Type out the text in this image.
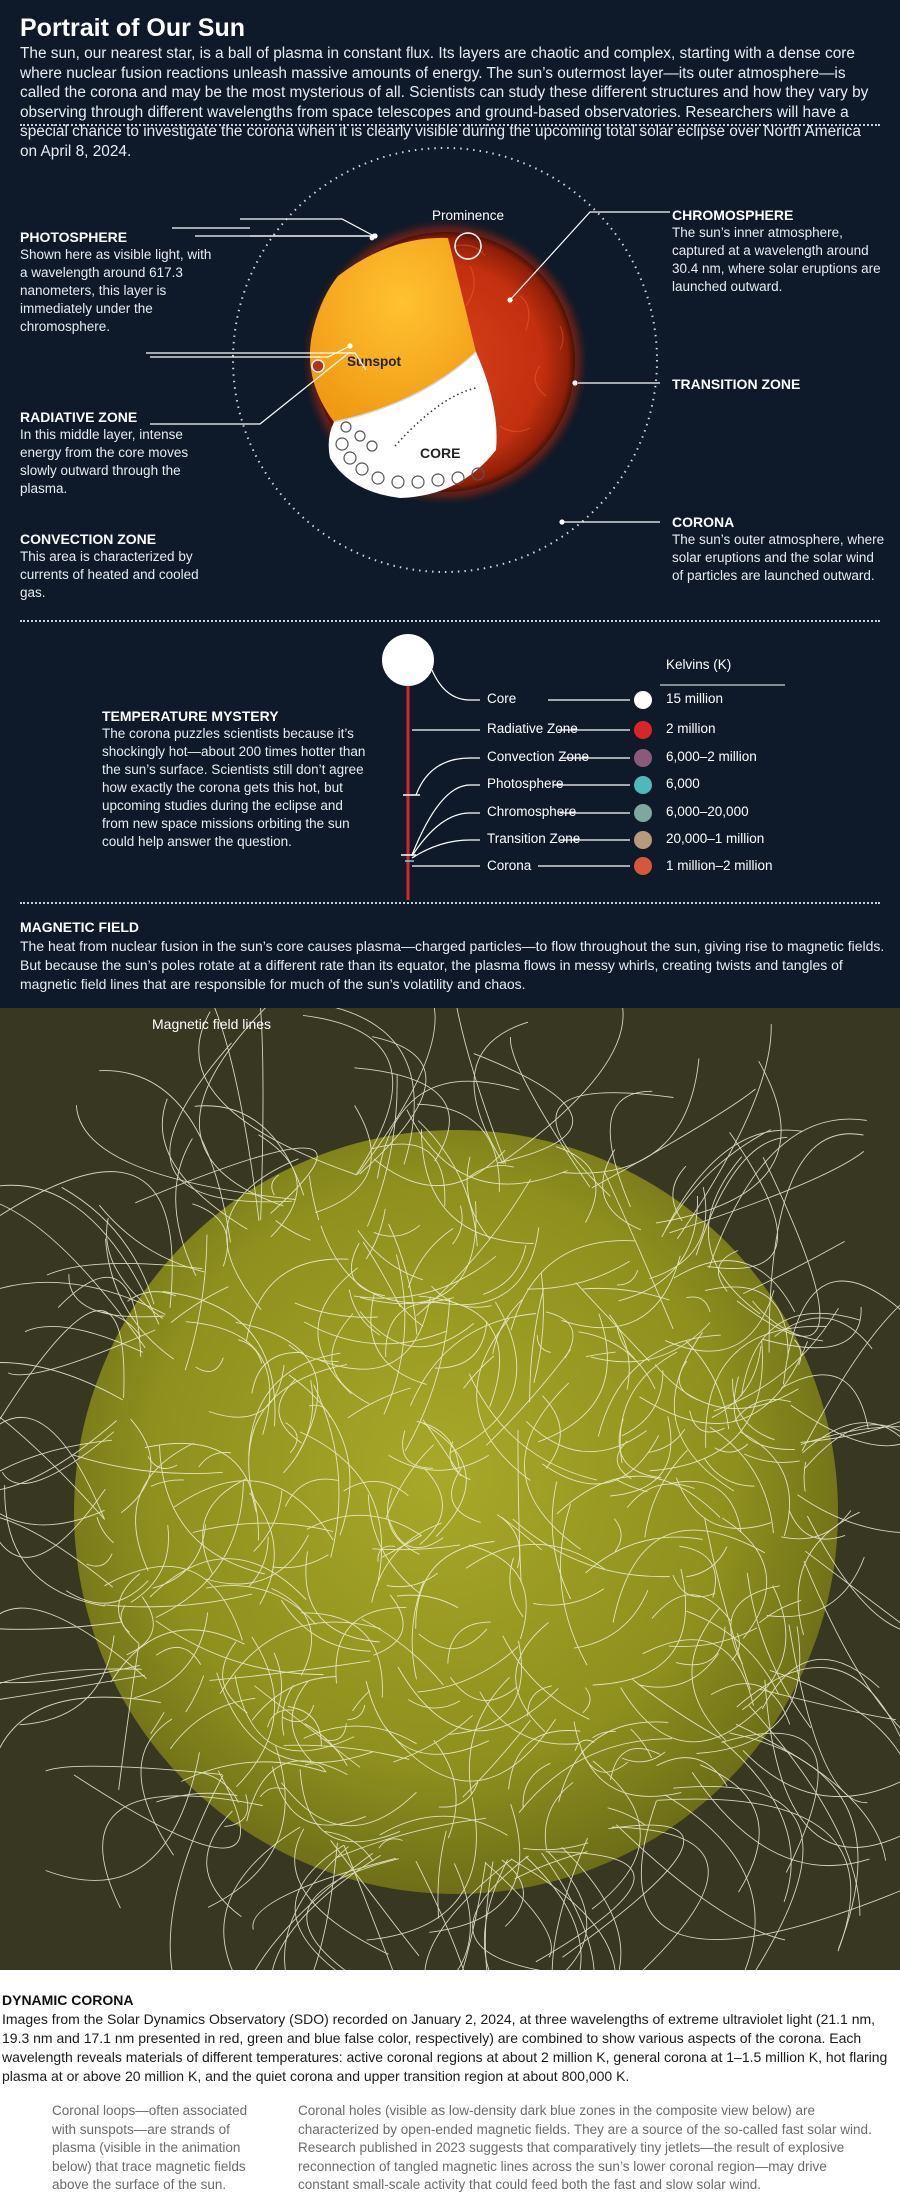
Portrait of Our Sun
The sun, our nearest star, is a ball of plasma in constant flux. Its layers are chaotic and complex, starting with a dense core where nuclear fusion reactions unleash massive amounts of energy. The sun’s outermost layer—its outer atmosphere—is called the corona and may be the most mysterious of all. Scientists can study these different structures and how they vary by observing through different wavelengths from space telescopes and ground-based observatories. Researchers will have a special chance to investigate the corona when it is clearly visible during the upcoming total solar eclipse over North America on April 8, 2024.
CORE
Sunspot
Prominence
PHOTOSPHERE
Shown here as visible light, with a wavelength around 617.3 nanometers, this layer is immediately under the chromosphere.
RADIATIVE ZONE
In this middle layer, intense energy from the core moves slowly outward through the plasma.
CONVECTION ZONE
This area is characterized by currents of heated and cooled gas.
CHROMOSPHERE
The sun’s inner atmosphere, captured at a wavelength around 30.4 nm, where solar eruptions are launched outward.
TRANSITION ZONE
CORONA
The sun’s outer atmosphere, where solar eruptions and the solar wind of particles are launched outward.
TEMPERATURE MYSTERY
The corona puzzles scientists because it’s shockingly hot—about 200 times hotter than the sun’s surface. Scientists still don’t agree how exactly the corona gets this hot, but upcoming studies during the eclipse and from new space missions orbiting the sun could help answer the question.
Kelvins (K)
Core
Radiative Zone
Convection Zone
Photosphere
Chromosphere
Transition Zone
Corona
15 million
2 million
6,000–2 million
6,000
6,000–20,000
20,000–1 million
1 million–2 million
MAGNETIC FIELD
The heat from nuclear fusion in the sun’s core causes plasma—charged particles—to flow throughout the sun, giving rise to magnetic fields. But because the sun’s poles rotate at a different rate than its equator, the plasma flows in messy whirls, creating twists and tangles of magnetic field lines that are responsible for much of the sun’s volatility and chaos.
Magnetic field lines
DYNAMIC CORONA
Images from the Solar Dynamics Observatory (SDO) recorded on January 2, 2024, at three wavelengths of extreme ultraviolet light (21.1 nm, 19.3 nm and 17.1 nm presented in red, green and blue false color, respectively) are combined to show various aspects of the corona. Each wavelength reveals materials of different temperatures: active coronal regions at about 2 million K, general corona at 1–1.5 million K, hot flaring plasma at or above 20 million K, and the quiet corona and upper transition region at about 800,000 K.
Coronal loops—often associated with sunspots—are strands of plasma (visible in the animation below) that trace magnetic fields above the surface of the sun.
Coronal holes (visible as low-density dark blue zones in the composite view below) are characterized by open-ended magnetic fields. They are a source of the so-called fast solar wind. Research published in 2023 suggests that comparatively tiny jetlets—the result of explosive reconnection of tangled magnetic lines across the sun’s lower coronal region—may drive constant small-scale activity that could feed both the fast and slow solar wind.
